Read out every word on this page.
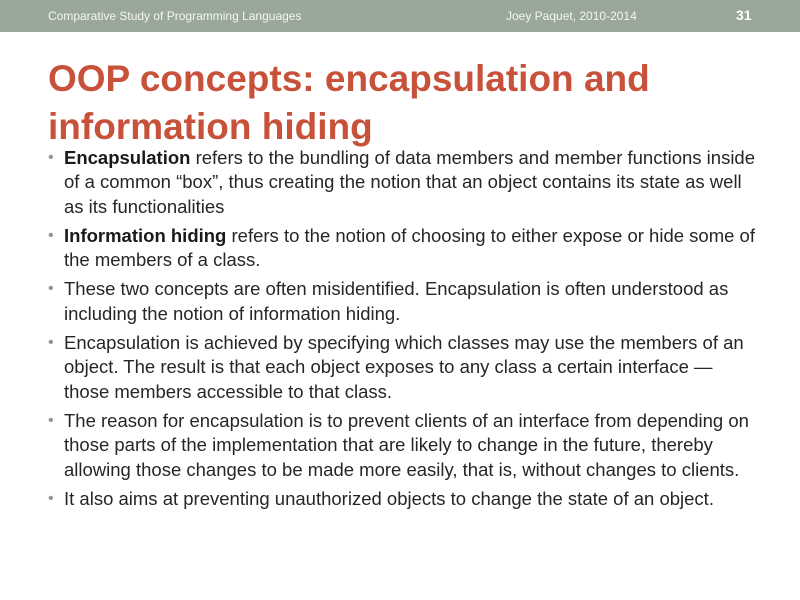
Comparative Study of Programming Languages	Joey Paquet, 2010-2014	31
OOP concepts: encapsulation and information hiding
• Encapsulation refers to the bundling of data members and member functions inside of a common “box”, thus creating the notion that an object contains its state as well as its functionalities
• Information hiding refers to the notion of choosing to either expose or hide some of the members of a class.
• These two concepts are often misidentified. Encapsulation is often understood as including the notion of information hiding.
• Encapsulation is achieved by specifying which classes may use the members of an object. The result is that each object exposes to any class a certain interface — those members accessible to that class.
• The reason for encapsulation is to prevent clients of an interface from depending on those parts of the implementation that are likely to change in the future, thereby allowing those changes to be made more easily, that is, without changes to clients.
• It also aims at preventing unauthorized objects to change the state of an object.
